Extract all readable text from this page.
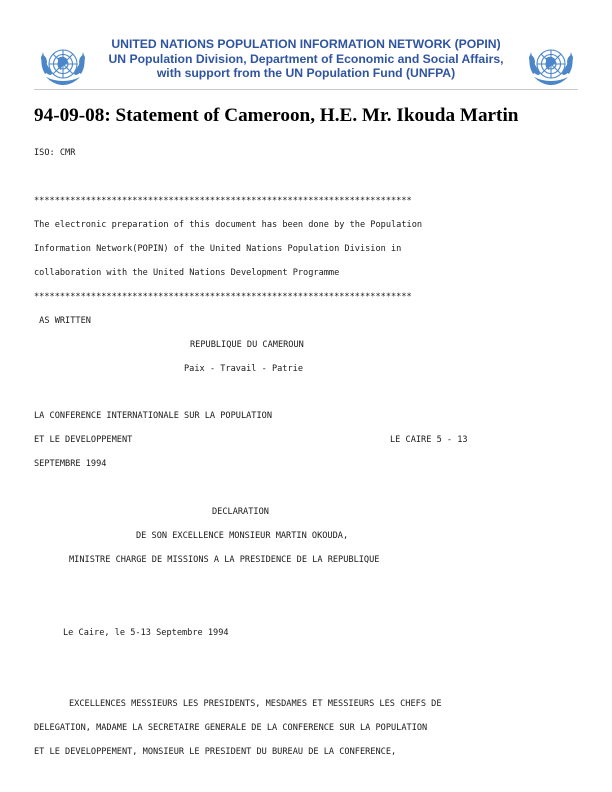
UNITED NATIONS POPULATION INFORMATION NETWORK (POPIN)
UN Population Division, Department of Economic and Social Affairs,
with support from the UN Population Fund (UNFPA)
94-09-08: Statement of Cameroon, H.E. Mr. Ikouda Martin
ISO: CMR
*************************************************************************
The electronic preparation of this document has been done by the Population
Information Network(POPIN) of the United Nations Population Division in
collaboration with the United Nations Development Programme
*************************************************************************
AS WRITTEN
REPUBLIQUE DU CAMEROUN
Paix - Travail - Patrie
LA CONFERENCE INTERNATIONALE SUR LA POPULATION
ET LE DEVELOPPEMENT	LE CAIRE 5 - 13
SEPTEMBRE 1994
DECLARATION
DE SON EXCELLENCE MONSIEUR MARTIN OKOUDA,
MINISTRE CHARGE DE MISSIONS A LA PRESIDENCE DE LA REPUBLIQUE
Le Caire, le 5-13 Septembre 1994
EXCELLENCES MESSIEURS LES PRESIDENTS, MESDAMES ET MESSIEURS LES CHEFS DE
DELEGATION, MADAME LA SECRETAIRE GENERALE DE LA CONFERENCE SUR LA POPULATION
ET LE DEVELOPPEMENT, MONSIEUR LE PRESIDENT DU BUREAU DE LA CONFERENCE,
